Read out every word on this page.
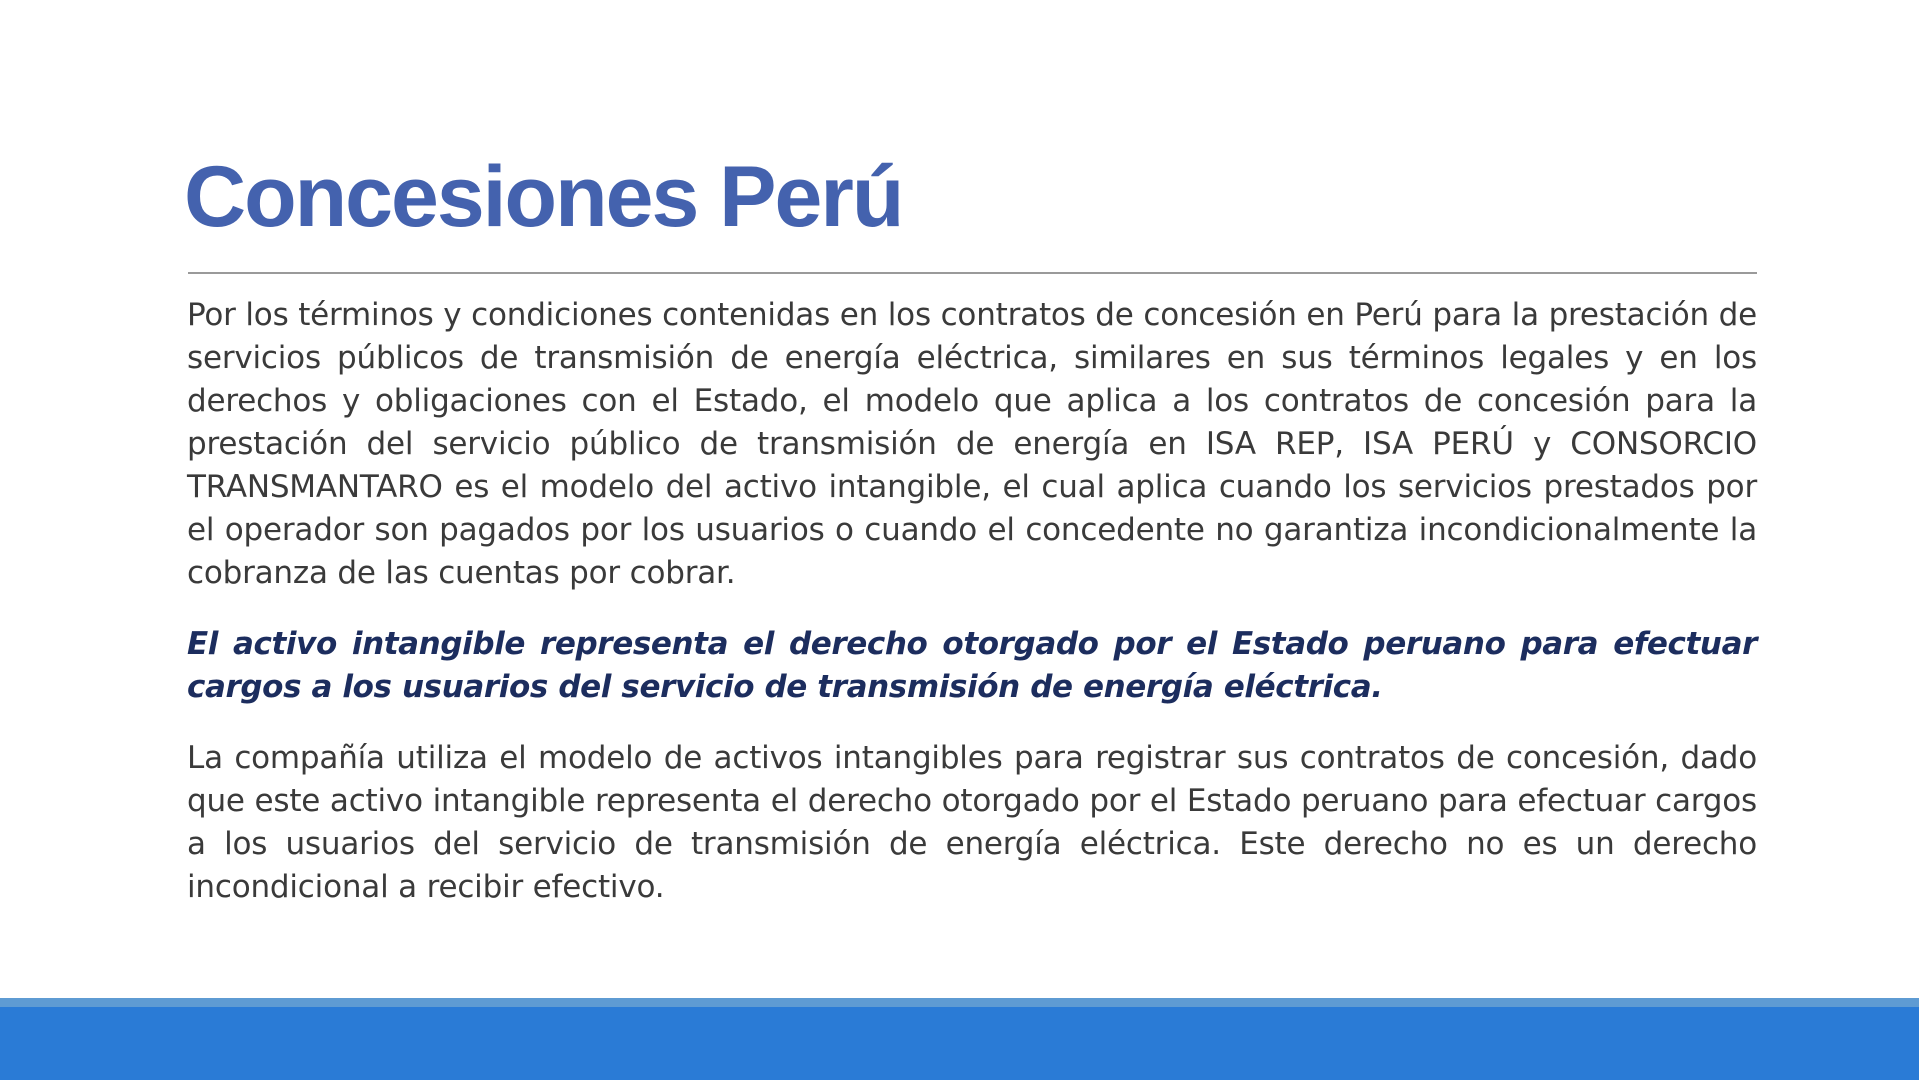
Concesiones Perú

Por los términos y condiciones contenidas en los contratos de concesión en Perú para la prestación de servicios públicos de transmisión de energía eléctrica, similares en sus términos legales y en los derechos y obligaciones con el Estado, el modelo que aplica a los contratos de concesión para la prestación del servicio público de transmisión de energía en ISA REP, ISA PERÚ y CONSORCIO TRANSMANTARO es el modelo del activo intangible, el cual aplica cuando los servicios prestados por el operador son pagados por los usuarios o cuando el concedente no garantiza incondicionalmente la cobranza de las cuentas por cobrar.

El activo intangible representa el derecho otorgado por el Estado peruano para efectuar cargos a los usuarios del servicio de transmisión de energía eléctrica.

La compañía utiliza el modelo de activos intangibles para registrar sus contratos de concesión, dado que este activo intangible representa el derecho otorgado por el Estado peruano para efectuar cargos a los usuarios del servicio de transmisión de energía eléctrica. Este derecho no es un derecho incondicional a recibir efectivo.
